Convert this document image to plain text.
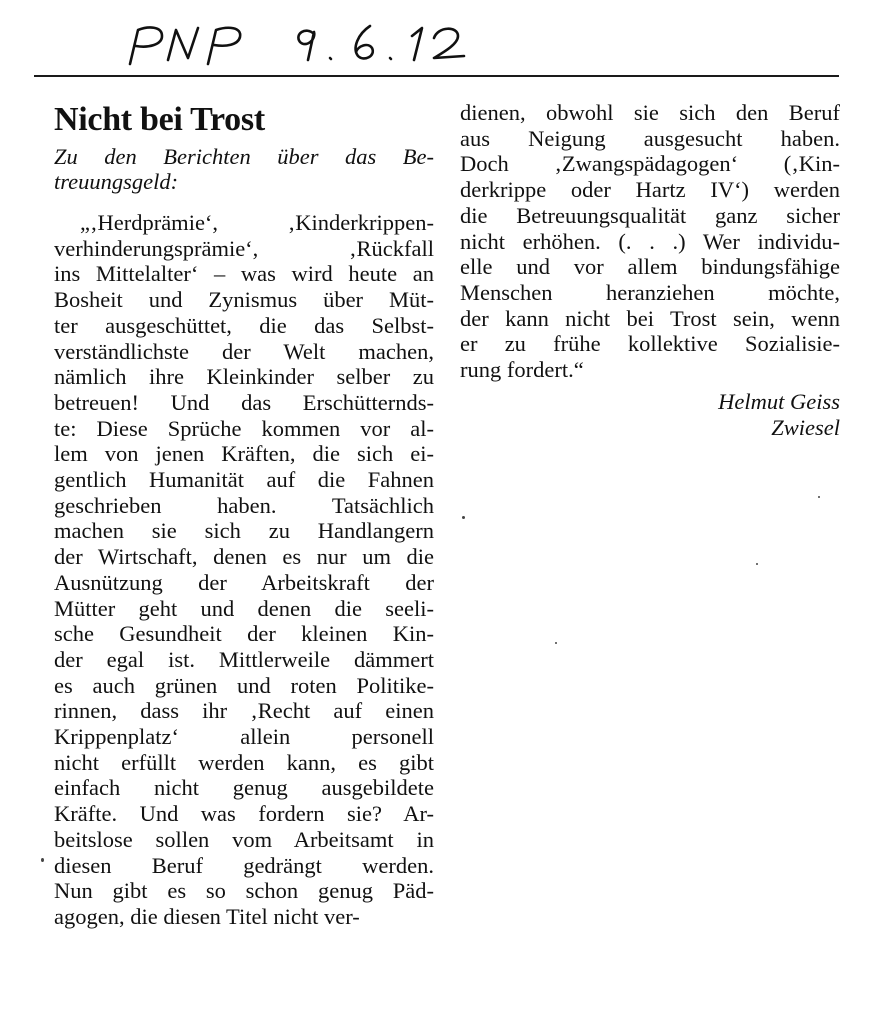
Nicht bei Trost
Zu den Berichten über das Be-
treuungsgeld:
„‚Herdprämie‘, ‚Kinderkrippen-
verhinderungsprämie‘, ‚Rückfall
ins Mittelalter‘ – was wird heute an
Bosheit und Zynismus über Müt-
ter ausgeschüttet, die das Selbst-
verständlichste der Welt machen,
nämlich ihre Kleinkinder selber zu
betreuen! Und das Erschütternds-
te: Diese Sprüche kommen vor al-
lem von jenen Kräften, die sich ei-
gentlich Humanität auf die Fahnen
geschrieben haben. Tatsächlich
machen sie sich zu Handlangern
der Wirtschaft, denen es nur um die
Ausnützung der Arbeitskraft der
Mütter geht und denen die seeli-
sche Gesundheit der kleinen Kin-
der egal ist. Mittlerweile dämmert
es auch grünen und roten Politike-
rinnen, dass ihr ‚Recht auf einen
Krippenplatz‘ allein personell
nicht erfüllt werden kann, es gibt
einfach nicht genug ausgebildete
Kräfte. Und was fordern sie? Ar-
beitslose sollen vom Arbeitsamt in
diesen Beruf gedrängt werden.
Nun gibt es so schon genug Päd-
agogen, die diesen Titel nicht ver-
dienen, obwohl sie sich den Beruf
aus Neigung ausgesucht haben.
Doch ‚Zwangspädagogen‘ (‚Kin-
derkrippe oder Hartz IV‘) werden
die Betreuungsqualität ganz sicher
nicht erhöhen. (. . .) Wer individu-
elle und vor allem bindungsfähige
Menschen heranziehen möchte,
der kann nicht bei Trost sein, wenn
er zu frühe kollektive Sozialisie-
rung fordert.“
Helmut Geiss
Zwiesel
